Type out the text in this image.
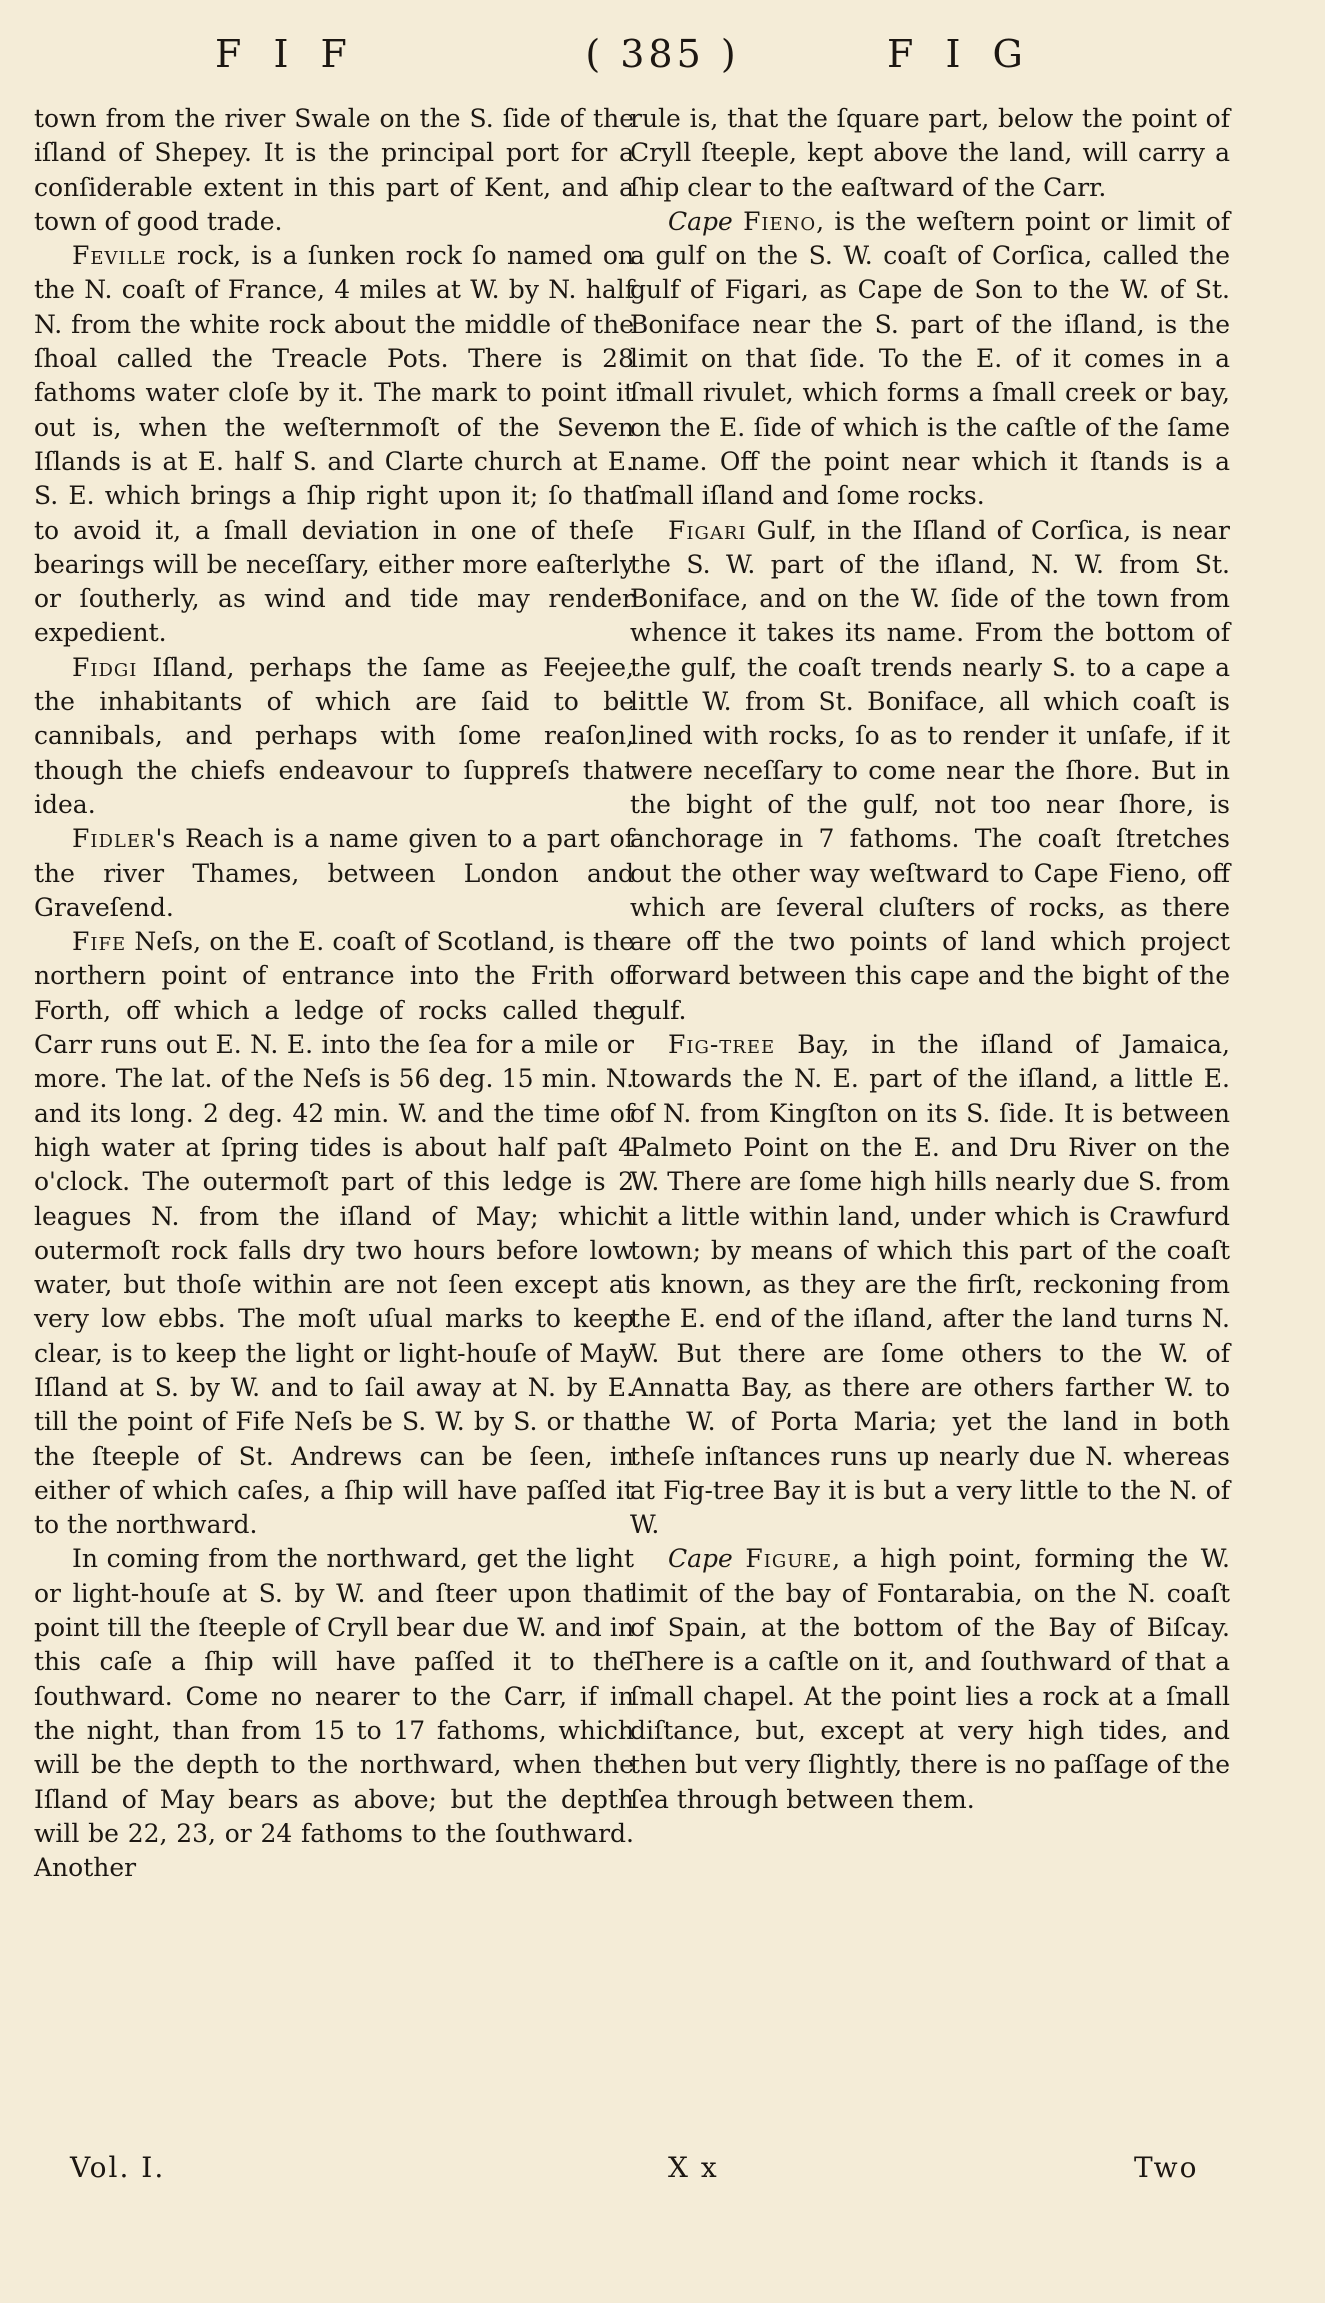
F I F	( 385 )	F I G

town from the river Swale on the S. ſide of the iſland of Shepey. It is the principal port for a conſiderable extent in this part of Kent, and a town of good trade.

Feville rock, is a ſunken rock ſo named on the N. coaſt of France, 4 miles at W. by N. half N. from the white rock about the middle of the ſhoal called the Treacle Pots. There is 28 fathoms water cloſe by it. The mark to point it out is, when the weſternmoſt of the Seven Iſlands is at E. half S. and Clarte church at E. S. E. which brings a ſhip right upon it; ſo that to avoid it, a ſmall deviation in one of theſe bearings will be neceſſary, either more eaſterly or ſoutherly, as wind and tide may render expedient.

Fidgi Iſland, perhaps the ſame as Feejee, the inhabitants of which are ſaid to be cannibals, and perhaps with ſome reaſon, though the chiefs endeavour to ſuppreſs that idea.

Fidler's Reach is a name given to a part of the river Thames, between London and Graveſend.

Fife Neſs, on the E. coaſt of Scotland, is the northern point of entrance into the Frith of Forth, off which a ledge of rocks called the Carr runs out E. N. E. into the ſea for a mile or more. The lat. of the Neſs is 56 deg. 15 min. N. and its long. 2 deg. 42 min. W. and the time of high water at ſpring tides is about half paſt 4 o'clock. The outermoſt part of this ledge is 2 leagues N. from the iſland of May; which outermoſt rock falls dry two hours before low water, but thoſe within are not ſeen except at very low ebbs. The moſt uſual marks to keep clear, is to keep the light or light-houſe of May Iſland at S. by W. and to ſail away at N. by E. till the point of Fife Neſs be S. W. by S. or that the ſteeple of St. Andrews can be ſeen, in either of which caſes, a ſhip will have paſſed it to the northward.

In coming from the northward, get the light or light-houſe at S. by W. and ſteer upon that point till the ſteeple of Cryll bear due W. and in this caſe a ſhip will have paſſed it to the ſouthward. Come no nearer to the Carr, if in the night, than from 15 to 17 fathoms, which will be the depth to the northward, when the Iſland of May bears as above; but the depth will be 22, 23, or 24 fathoms to the ſouthward. Another

rule is, that the ſquare part, below the point of Cryll ſteeple, kept above the land, will carry a ſhip clear to the eaſtward of the Carr.

Cape Fieno, is the weſtern point or limit of a gulf on the S. W. coaſt of Corſica, called the gulf of Figari, as Cape de Son to the W. of St. Boniface near the S. part of the iſland, is the limit on that ſide. To the E. of it comes in a ſmall rivulet, which forms a ſmall creek or bay, on the E. ſide of which is the caſtle of the ſame name. Off the point near which it ſtands is a ſmall iſland and ſome rocks.

Figari Gulf, in the Iſland of Corſica, is near the S. W. part of the iſland, N. W. from St. Boniface, and on the W. ſide of the town from whence it takes its name. From the bottom of the gulf, the coaſt trends nearly S. to a cape a little W. from St. Boniface, all which coaſt is lined with rocks, ſo as to render it unſafe, if it were neceſſary to come near the ſhore. But in the bight of the gulf, not too near ſhore, is anchorage in 7 fathoms. The coaſt ſtretches out the other way weſtward to Cape Fieno, off which are ſeveral cluſters of rocks, as there are off the two points of land which project forward between this cape and the bight of the gulf.

Fig-tree Bay, in the iſland of Jamaica, towards the N. E. part of the iſland, a little E. of N. from Kingſton on its S. ſide. It is between Palmeto Point on the E. and Dru River on the W. There are ſome high hills nearly due S. from it a little within land, under which is Crawfurd town; by means of which this part of the coaſt is known, as they are the firſt, reckoning from the E. end of the iſland, after the land turns N. W. But there are ſome others to the W. of Annatta Bay, as there are others farther W. to the W. of Porta Maria; yet the land in both theſe inſtances runs up nearly due N. whereas at Fig-tree Bay it is but a very little to the N. of W.

Cape Figure, a high point, forming the W. limit of the bay of Fontarabia, on the N. coaſt of Spain, at the bottom of the Bay of Biſcay. There is a caſtle on it, and ſouthward of that a ſmall chapel. At the point lies a rock at a ſmall diſtance, but, except at very high tides, and then but very ſlightly, there is no paſſage of the ſea through between them.

Vol. I.	X x	Two
